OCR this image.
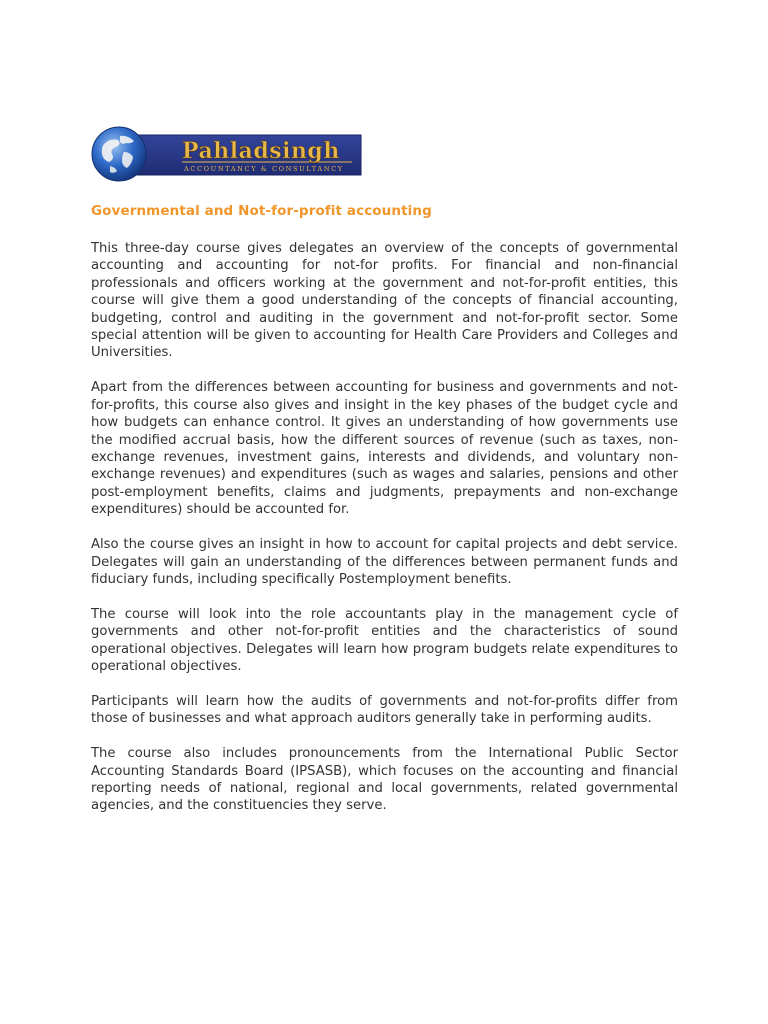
Pahladsingh
ACCOUNTANCY & CONSULTANCY
Governmental and Not-for-profit accounting

This three-day course gives delegates an overview of the concepts of governmental accounting and accounting for not-for profits. For financial and non-financial professionals and officers working at the government and not-for-profit entities, this course will give them a good understanding of the concepts of financial accounting, budgeting, control and auditing in the government and not-for-profit sector. Some special attention will be given to accounting for Health Care Providers and Colleges and Universities.

Apart from the differences between accounting for business and governments and not-for-profits, this course also gives and insight in the key phases of the budget cycle and how budgets can enhance control. It gives an understanding of how governments use the modified accrual basis, how the different sources of revenue (such as taxes, non-exchange revenues, investment gains, interests and dividends, and voluntary non-exchange revenues) and expenditures (such as wages and salaries, pensions and other post-employment benefits, claims and judgments, prepayments and non-exchange expenditures) should be accounted for.

Also the course gives an insight in how to account for capital projects and debt service. Delegates will gain an understanding of the differences between permanent funds and fiduciary funds, including specifically Postemployment benefits.

The course will look into the role accountants play in the management cycle of governments and other not-for-profit entities and the characteristics of sound operational objectives. Delegates will learn how program budgets relate expenditures to operational objectives.

Participants will learn how the audits of governments and not-for-profits differ from those of businesses and what approach auditors generally take in performing audits.

The course also includes pronouncements from the International Public Sector Accounting Standards Board (IPSASB), which focuses on the accounting and financial reporting needs of national, regional and local governments, related governmental agencies, and the constituencies they serve.
